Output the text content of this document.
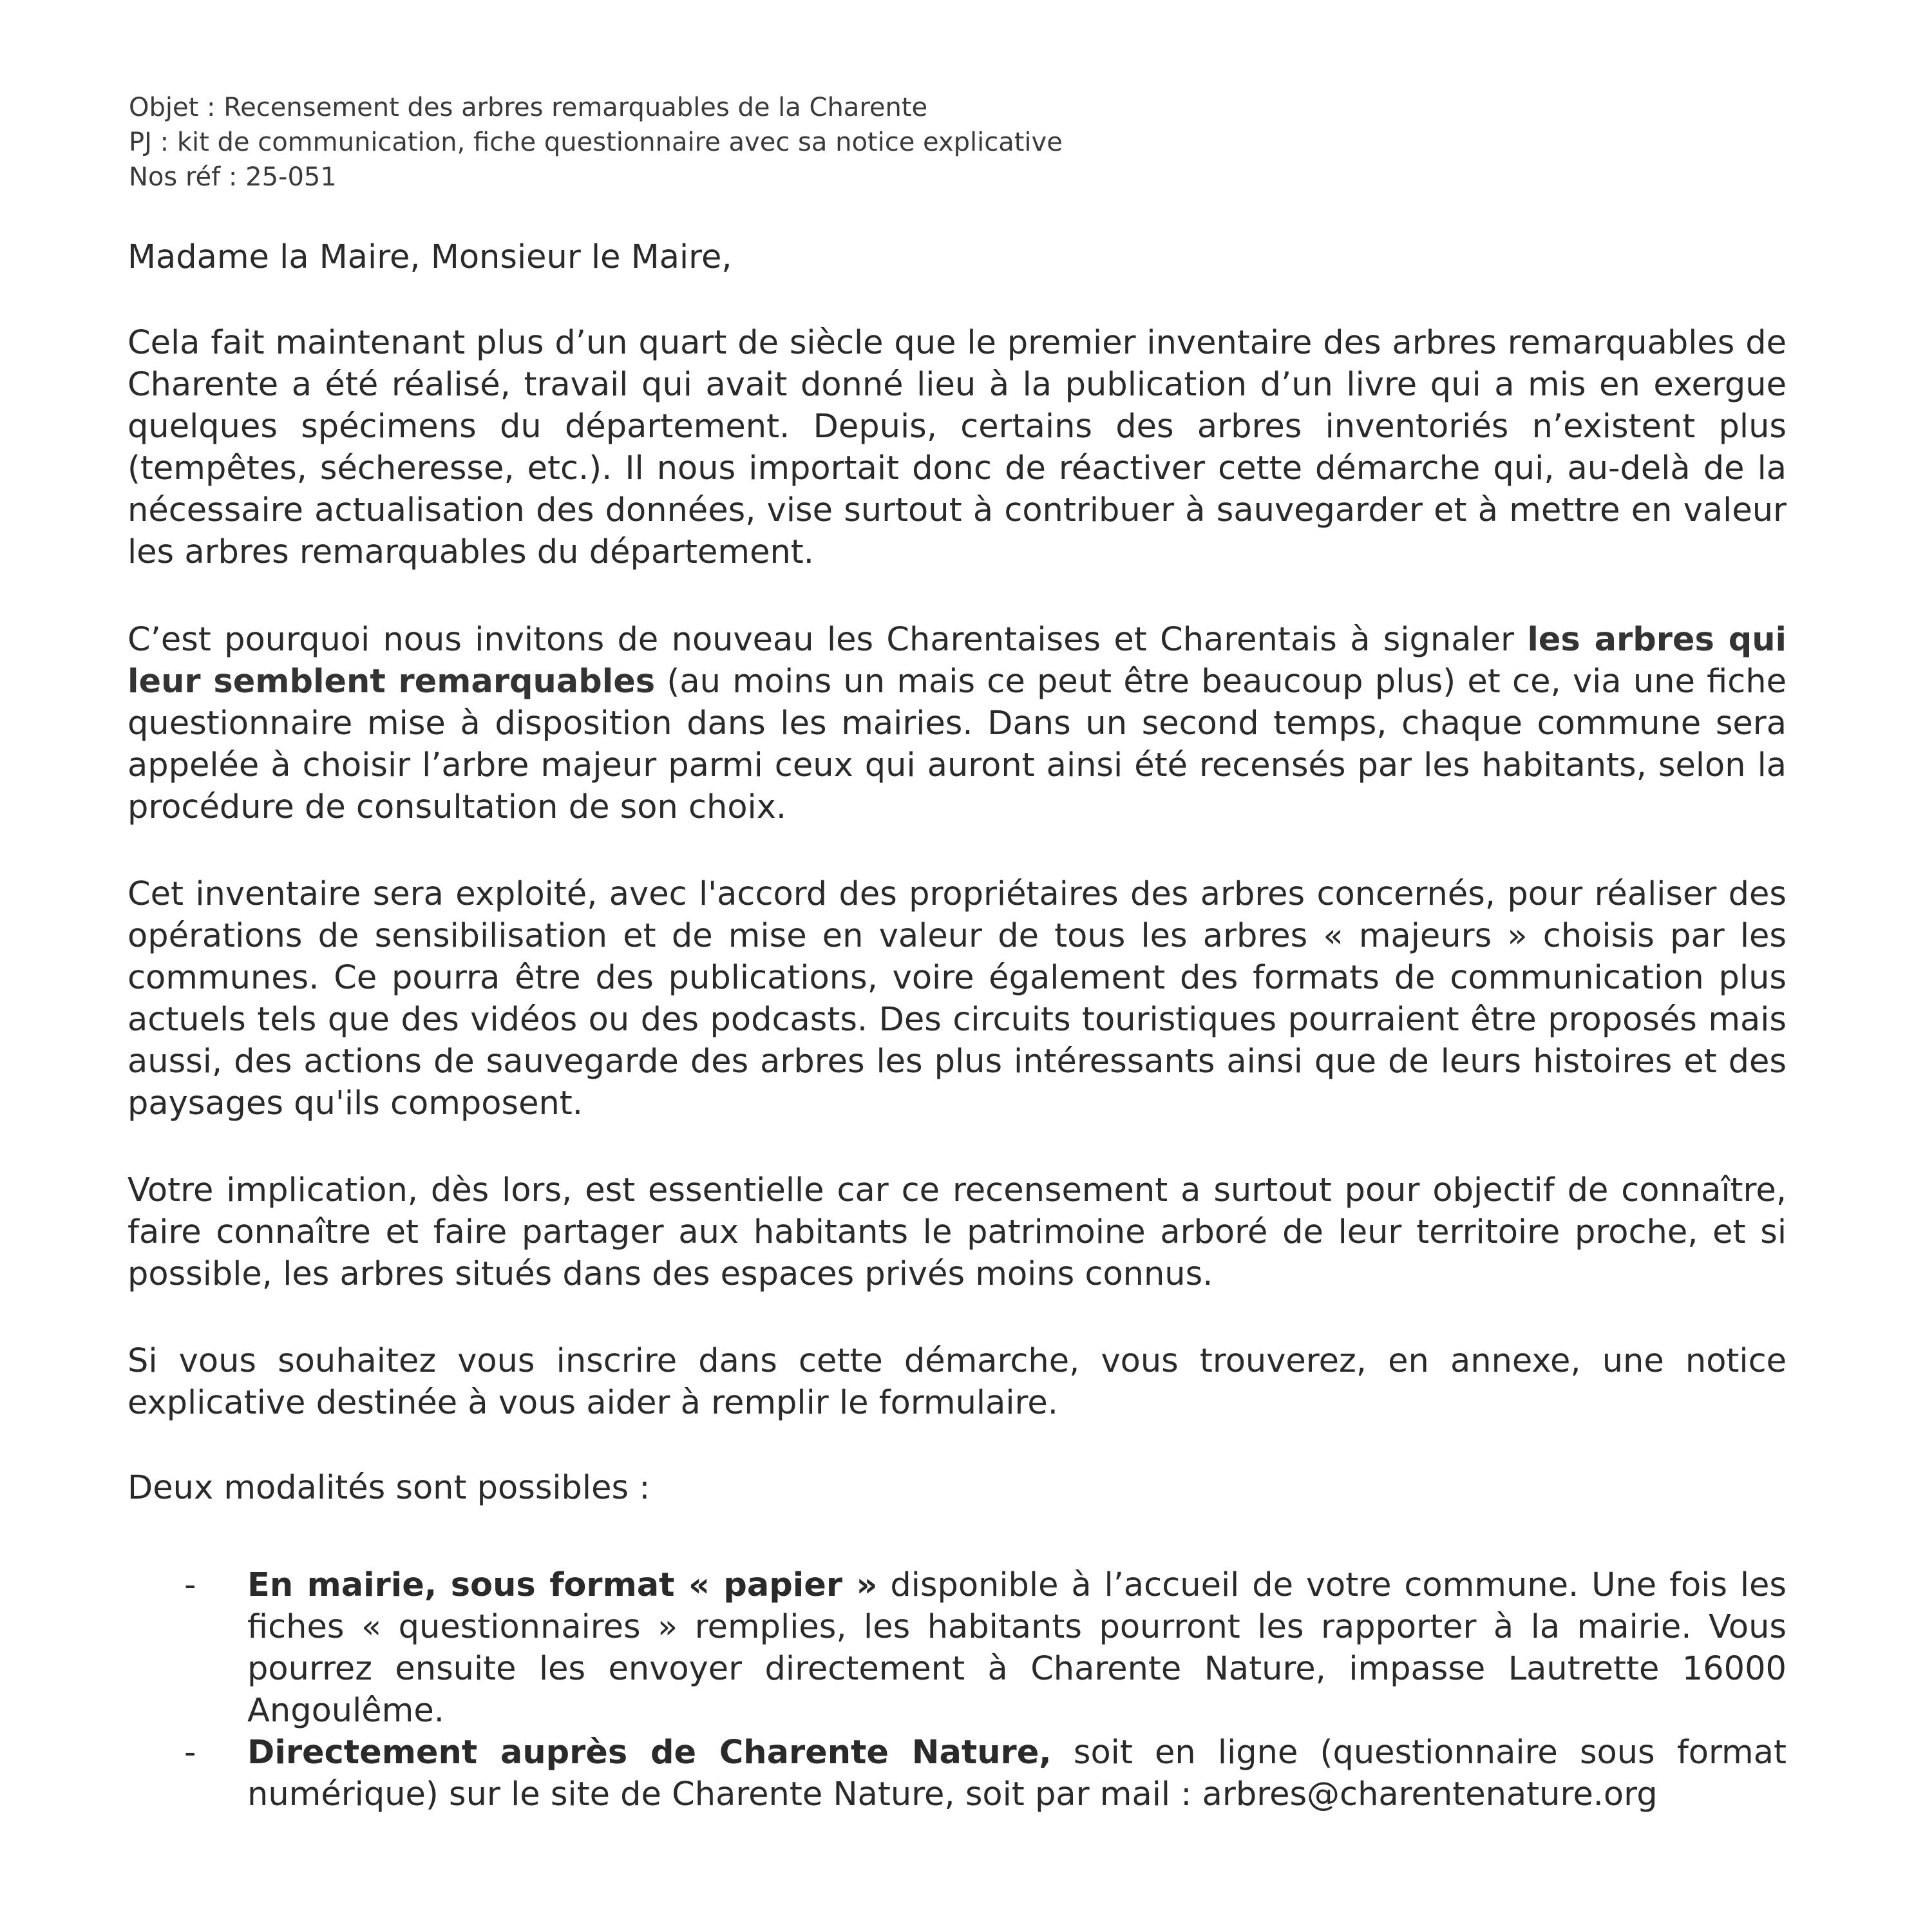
Objet : Recensement des arbres remarquables de la Charente
PJ : kit de communication, fiche questionnaire avec sa notice explicative
Nos réf : 25-051
Madame la Maire, Monsieur le Maire,
Cela fait maintenant plus d’un quart de siècle que le premier inventaire des arbres remarquables de Charente a été réalisé, travail qui avait donné lieu à la publication d’un livre qui a mis en exergue quelques spécimens du département. Depuis, certains des arbres inventoriés n’existent plus (tempêtes, sécheresse, etc.). Il nous importait donc de réactiver cette démarche qui, au-delà de la nécessaire actualisation des données, vise surtout à contribuer à sauvegarder et à mettre en valeur les arbres remarquables du département.
C’est pourquoi nous invitons de nouveau les Charentaises et Charentais à signaler les arbres qui leur semblent remarquables (au moins un mais ce peut être beaucoup plus) et ce, via une fiche questionnaire mise à disposition dans les mairies. Dans un second temps, chaque commune sera appelée à choisir l’arbre majeur parmi ceux qui auront ainsi été recensés par les habitants, selon la procédure de consultation de son choix.
Cet inventaire sera exploité, avec l'accord des propriétaires des arbres concernés, pour réaliser des opérations de sensibilisation et de mise en valeur de tous les arbres « majeurs » choisis par les communes. Ce pourra être des publications, voire également des formats de communication plus actuels tels que des vidéos ou des podcasts. Des circuits touristiques pourraient être proposés mais aussi, des actions de sauvegarde des arbres les plus intéressants ainsi que de leurs histoires et des paysages qu'ils composent.
Votre implication, dès lors, est essentielle car ce recensement a surtout pour objectif de connaître, faire connaître et faire partager aux habitants le patrimoine arboré de leur territoire proche, et si possible, les arbres situés dans des espaces privés moins connus.
Si vous souhaitez vous inscrire dans cette démarche, vous trouverez, en annexe, une notice explicative destinée à vous aider à remplir le formulaire.
Deux modalités sont possibles :
- En mairie, sous format « papier » disponible à l’accueil de votre commune. Une fois les fiches « questionnaires » remplies, les habitants pourront les rapporter à la mairie. Vous pourrez ensuite les envoyer directement à Charente Nature, impasse Lautrette 16000 Angoulême.
- Directement auprès de Charente Nature, soit en ligne (questionnaire sous format numérique) sur le site de Charente Nature, soit par mail : arbres@charentenature.org
